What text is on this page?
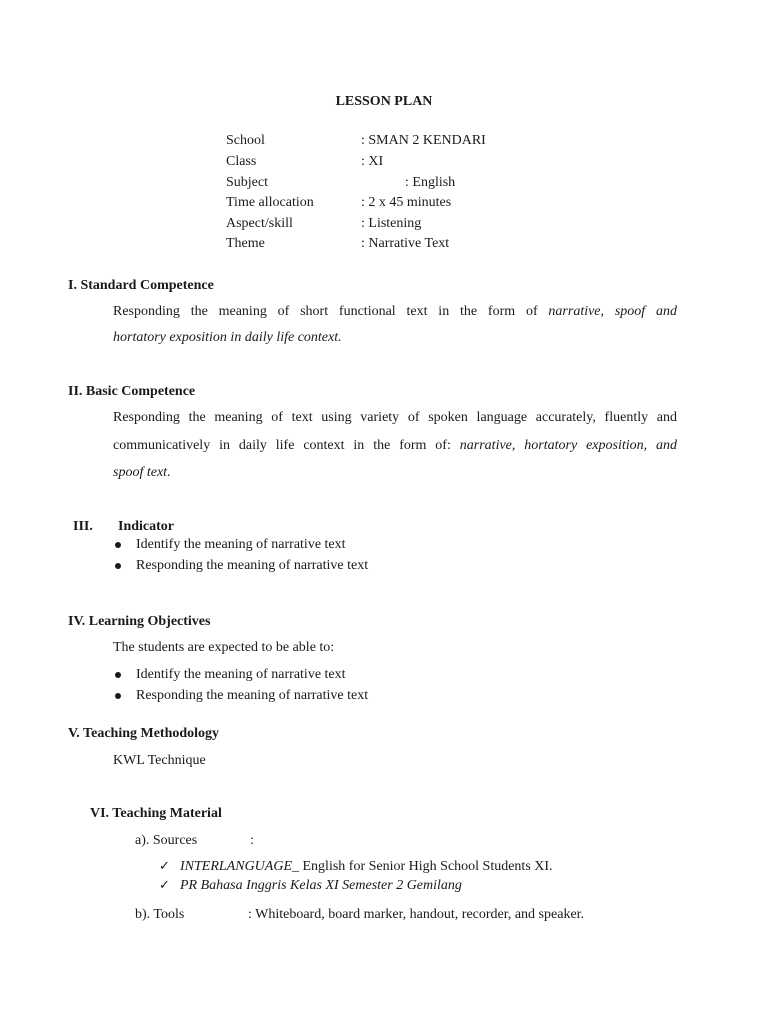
LESSON PLAN
School	: SMAN 2 KENDARI
Class	: XI
Subject	: English
Time allocation	: 2 x 45 minutes
Aspect/skill	: Listening
Theme	: Narrative Text
I. Standard Competence
Responding the meaning of short functional text in the form of narrative, spoof and
hortatory exposition in daily life context.
II. Basic Competence
Responding the meaning of text using variety of spoken language accurately, fluently and
communicatively in daily life context in the form of: narrative, hortatory exposition, and
spoof text.
III. Indicator
Identify the meaning of narrative text
Responding the meaning of narrative text
IV. Learning Objectives
The students are expected to be able to:
Identify the meaning of narrative text
Responding the meaning of narrative text
V. Teaching Methodology
KWL Technique
VI. Teaching Material
a). Sources	:
✓ INTERLANGUAGE_ English for Senior High School Students XI.
✓ PR Bahasa Inggris Kelas XI Semester 2 Gemilang
b). Tools	: Whiteboard, board marker, handout, recorder, and speaker.
